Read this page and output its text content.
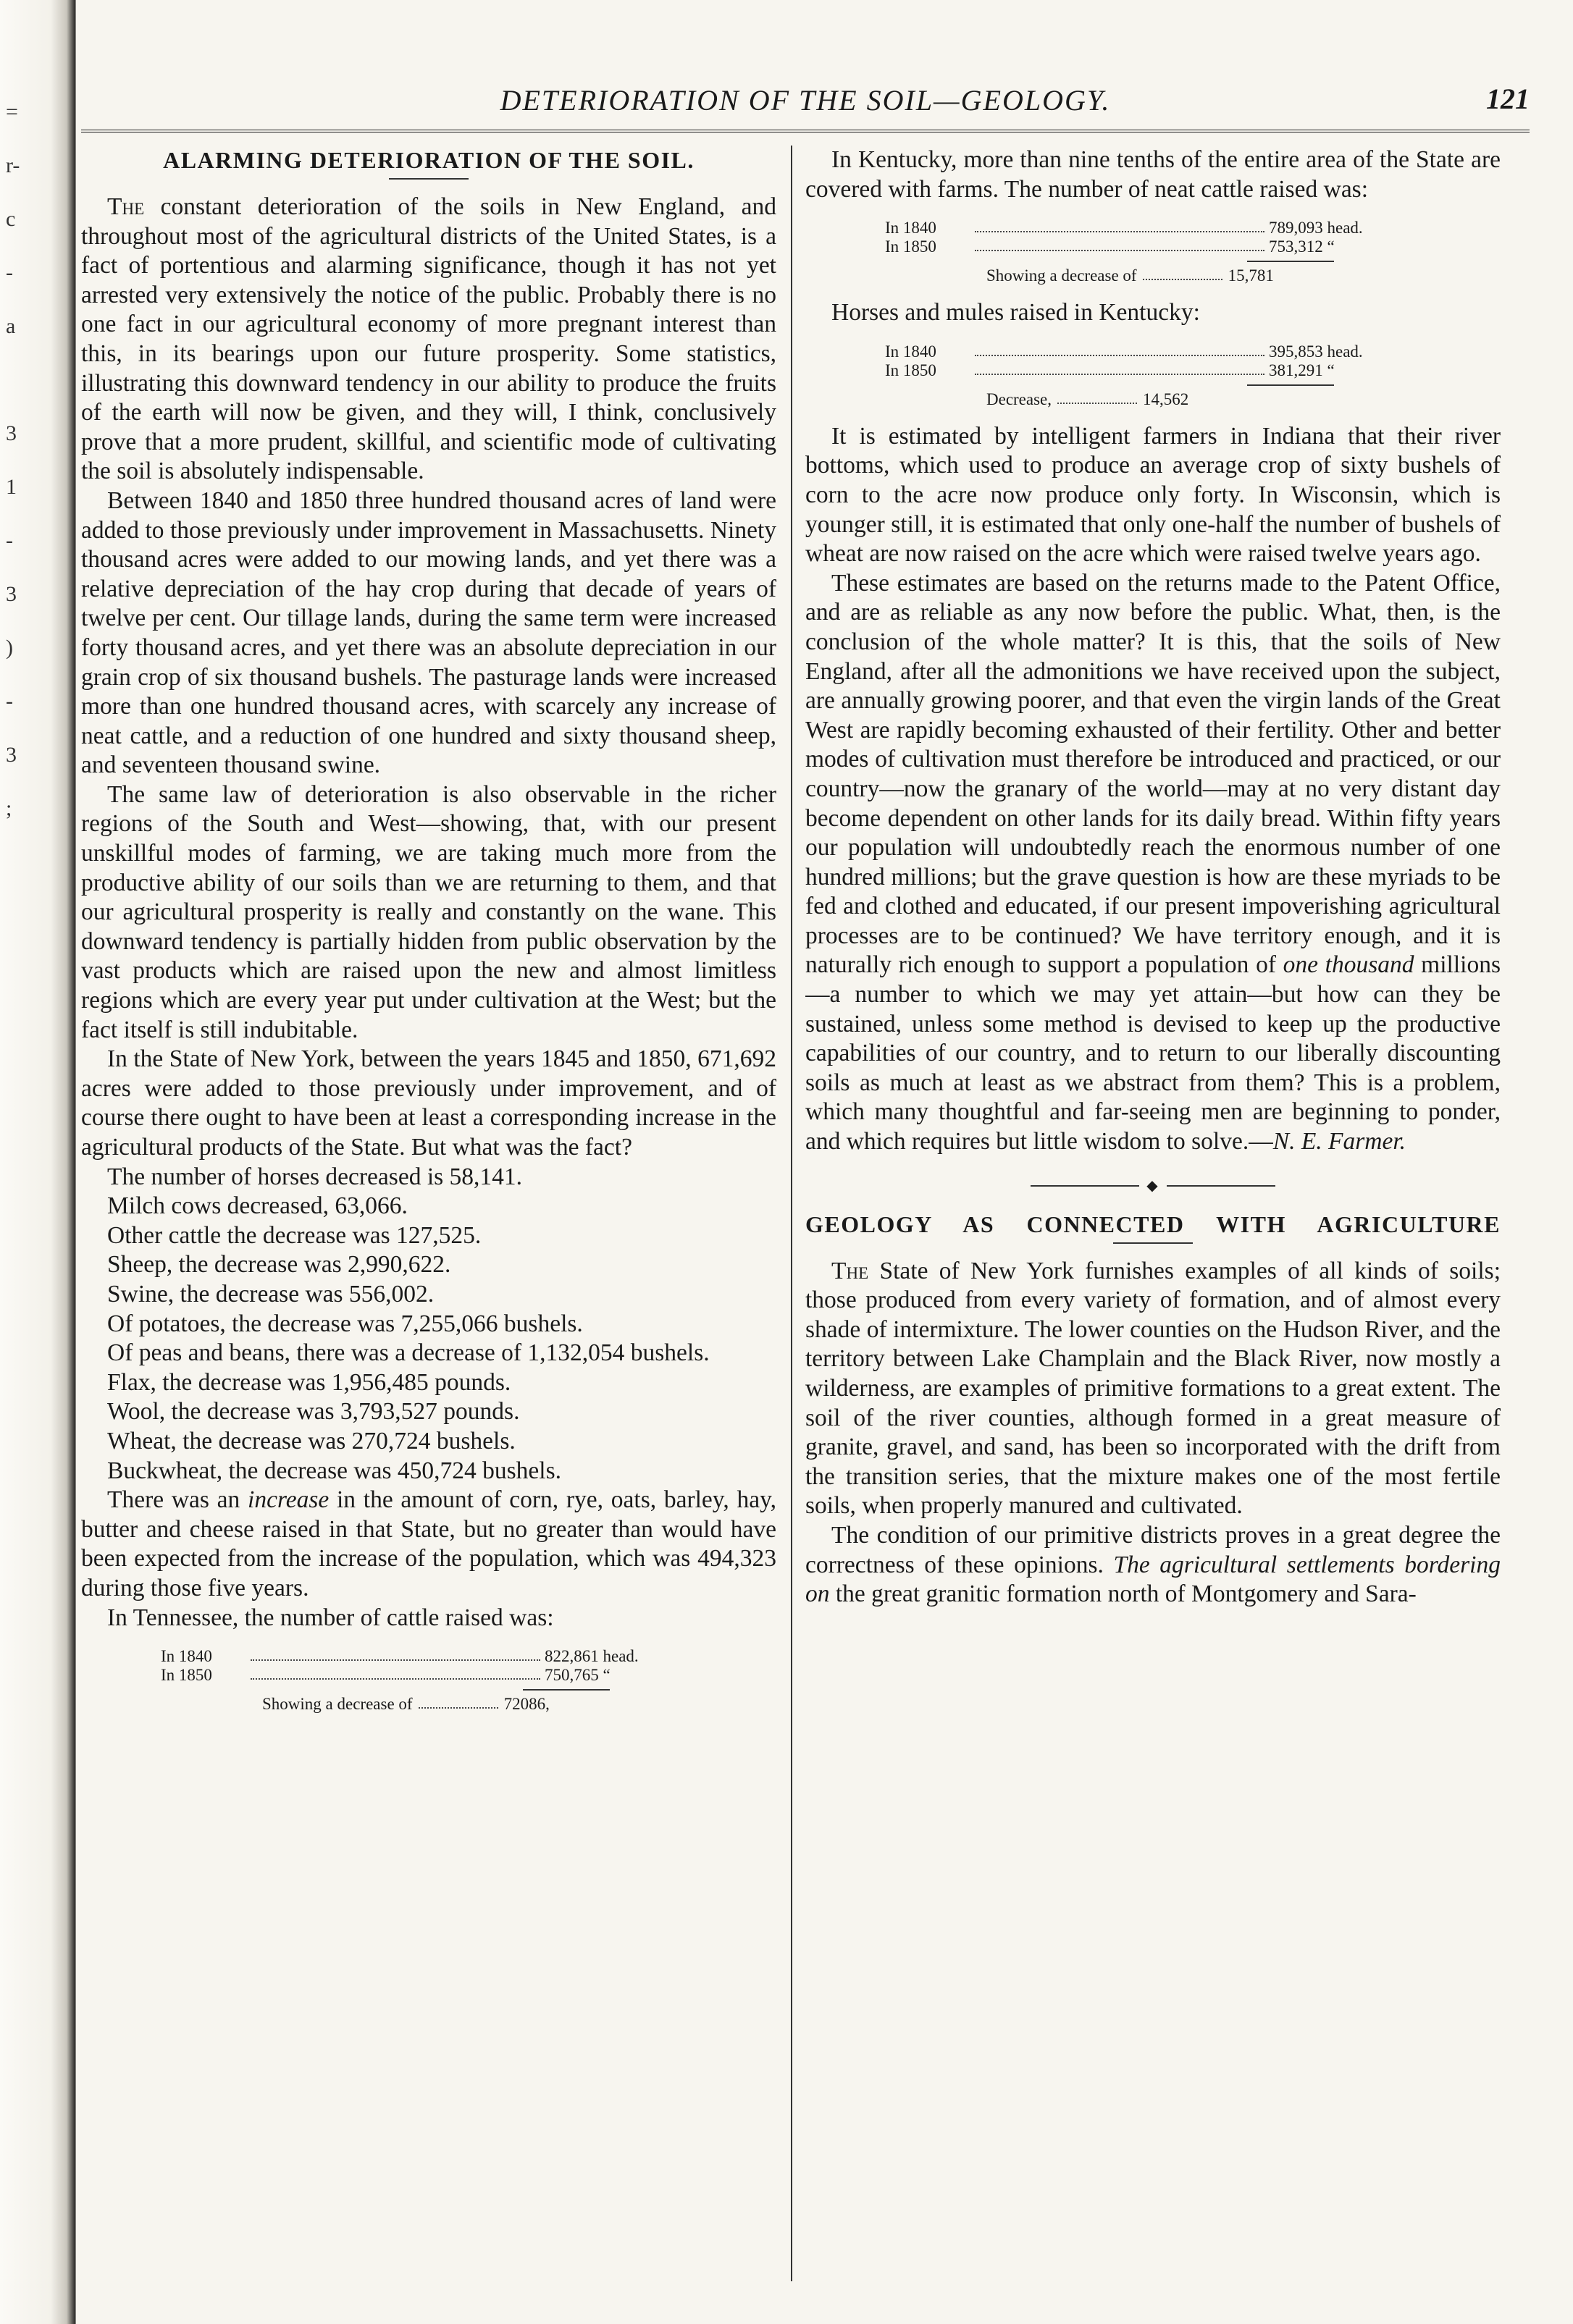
=
r-
c
-
a
3
1
-
3
)
-
3
;
DETERIORATION OF THE SOIL—GEOLOGY.	121
ALARMING DETERIORATION OF THE SOIL.

The constant deterioration of the soils in New England, and throughout most of the agricultural districts of the United States, is a fact of portentious and alarming significance, though it has not yet arrested very extensively the notice of the public. Probably there is no one fact in our agricultural economy of more pregnant interest than this, in its bearings upon our future prosperity. Some statistics, illustrating this downward tendency in our ability to produce the fruits of the earth will now be given, and they will, I think, conclusively prove that a more prudent, skillful, and scientific mode of cultivating the soil is absolutely indispensable.

Between 1840 and 1850 three hundred thousand acres of land were added to those previously under improvement in Massachusetts. Ninety thousand acres were added to our mowing lands, and yet there was a relative depreciation of the hay crop during that decade of years of twelve per cent. Our tillage lands, during the same term were increased forty thousand acres, and yet there was an absolute depreciation in our grain crop of six thousand bushels. The pasturage lands were increased more than one hundred thousand acres, with scarcely any increase of neat cattle, and a reduction of one hundred and sixty thousand sheep, and seventeen thousand swine.

The same law of deterioration is also observable in the richer regions of the South and West—showing, that, with our present unskillful modes of farming, we are taking much more from the productive ability of our soils than we are returning to them, and that our agricultural prosperity is really and constantly on the wane. This downward tendency is partially hidden from public observation by the vast products which are raised upon the new and almost limitless regions which are every year put under cultivation at the West; but the fact itself is still indubitable.

In the State of New York, between the years 1845 and 1850, 671,692 acres were added to those previously under improvement, and of course there ought to have been at least a corresponding increase in the agricultural products of the State. But what was the fact?

The number of horses decreased is 58,141.

Milch cows decreased, 63,066.

Other cattle the decrease was 127,525.

Sheep, the decrease was 2,990,622.

Swine, the decrease was 556,002.

Of potatoes, the decrease was 7,255,066 bushels.

Of peas and beans, there was a decrease of 1,132,054 bushels.

Flax, the decrease was 1,956,485 pounds.

Wool, the decrease was 3,793,527 pounds.

Wheat, the decrease was 270,724 bushels.

Buckwheat, the decrease was 450,724 bushels.

There was an increase in the amount of corn, rye, oats, barley, hay, butter and cheese raised in that State, but no greater than would have been expected from the increase of the population, which was 494,323 during those five years.

In Tennessee, the number of cattle raised was:

In 1840	822,861 head.
In 1850	750,765 “
Showing a decrease of	72086,

In Kentucky, more than nine tenths of the entire area of the State are covered with farms. The number of neat cattle raised was:

In 1840	789,093 head.
In 1850	753,312 “
Showing a decrease of	15,781

Horses and mules raised in Kentucky:

In 1840	395,853 head.
In 1850	381,291 “
Decrease,	14,562

It is estimated by intelligent farmers in Indiana that their river bottoms, which used to produce an average crop of sixty bushels of corn to the acre now produce only forty. In Wisconsin, which is younger still, it is estimated that only one-half the number of bushels of wheat are now raised on the acre which were raised twelve years ago.

These estimates are based on the returns made to the Patent Office, and are as reliable as any now before the public. What, then, is the conclusion of the whole matter? It is this, that the soils of New England, after all the admonitions we have received upon the subject, are annually growing poorer, and that even the virgin lands of the Great West are rapidly becoming exhausted of their fertility. Other and better modes of cultivation must therefore be introduced and practiced, or our country—now the granary of the world—may at no very distant day become dependent on other lands for its daily bread. Within fifty years our population will undoubtedly reach the enormous number of one hundred millions; but the grave question is how are these myriads to be fed and clothed and educated, if our present impoverishing agricultural processes are to be continued? We have territory enough, and it is naturally rich enough to support a population of one thousand millions—a number to which we may yet attain—but how can they be sustained, unless some method is devised to keep up the productive capabilities of our country, and to return to our liberally discounting soils as much at least as we abstract from them? This is a problem, which many thoughtful and far-seeing men are beginning to ponder, and which requires but little wisdom to solve.—N. E. Farmer.

◆
GEOLOGY AS CONNECTED WITH AGRICULTURE

The State of New York furnishes examples of all kinds of soils; those produced from every variety of formation, and of almost every shade of intermixture. The lower counties on the Hudson River, and the territory between Lake Champlain and the Black River, now mostly a wilderness, are examples of primitive formations to a great extent. The soil of the river counties, although formed in a great measure of granite, gravel, and sand, has been so incorporated with the drift from the transition series, that the mixture makes one of the most fertile soils, when properly manured and cultivated.

The condition of our primitive districts proves in a great degree the correctness of these opinions. The agricultural settlements bordering on the great granitic formation north of Montgomery and Sara-
